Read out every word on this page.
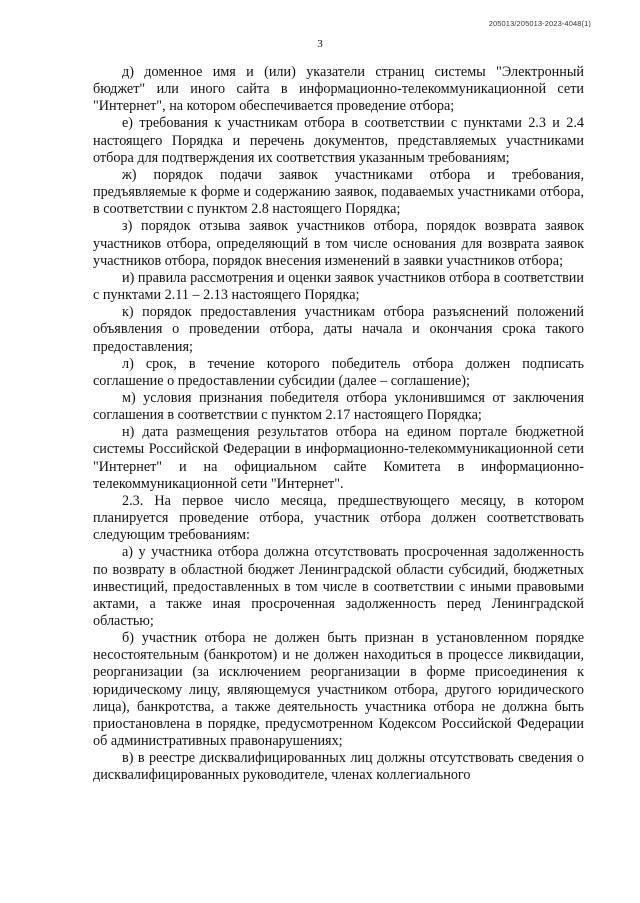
205013/205013-2023-4048(1)
3

д) доменное имя и (или) указатели страниц системы "Электронный бюджет" или иного сайта в информационно-телекоммуникационной сети "Интернет", на котором обеспечивается проведение отбора;

е) требования к участникам отбора в соответствии с пунктами 2.3 и 2.4 настоящего Порядка и перечень документов, представляемых участниками отбора для подтверждения их соответствия указанным требованиям;

ж) порядок подачи заявок участниками отбора и требования, предъявляемые к форме и содержанию заявок, подаваемых участниками отбора, в соответствии с пунктом 2.8 настоящего Порядка;

з) порядок отзыва заявок участников отбора, порядок возврата заявок участников отбора, определяющий в том числе основания для возврата заявок участников отбора, порядок внесения изменений в заявки участников отбора;

и) правила рассмотрения и оценки заявок участников отбора в соответствии с пунктами 2.11 – 2.13 настоящего Порядка;

к) порядок предоставления участникам отбора разъяснений положений объявления о проведении отбора, даты начала и окончания срока такого предоставления;

л) срок, в течение которого победитель отбора должен подписать соглашение о предоставлении субсидии (далее – соглашение);

м) условия признания победителя отбора уклонившимся от заключения соглашения в соответствии с пунктом 2.17 настоящего Порядка;

н) дата размещения результатов отбора на едином портале бюджетной системы Российской Федерации в информационно-телекоммуникационной сети "Интернет" и на официальном сайте Комитета в информационно-телекоммуникационной сети "Интернет".

2.3. На первое число месяца, предшествующего месяцу, в котором планируется проведение отбора, участник отбора должен соответствовать следующим требованиям:

а) у участника отбора должна отсутствовать просроченная задолженность по возврату в областной бюджет Ленинградской области субсидий, бюджетных инвестиций, предоставленных в том числе в соответствии с иными правовыми актами, а также иная просроченная задолженность перед Ленинградской областью;

б) участник отбора не должен быть признан в установленном порядке несостоятельным (банкротом) и не должен находиться в процессе ликвидации, реорганизации (за исключением реорганизации в форме присоединения к юридическому лицу, являющемуся участником отбора, другого юридического лица), банкротства, а также деятельность участника отбора не должна быть приостановлена в порядке, предусмотренном Кодексом Российской Федерации об административных правонарушениях;

в) в реестре дисквалифицированных лиц должны отсутствовать сведения о дисквалифицированных руководителе, членах коллегиального
